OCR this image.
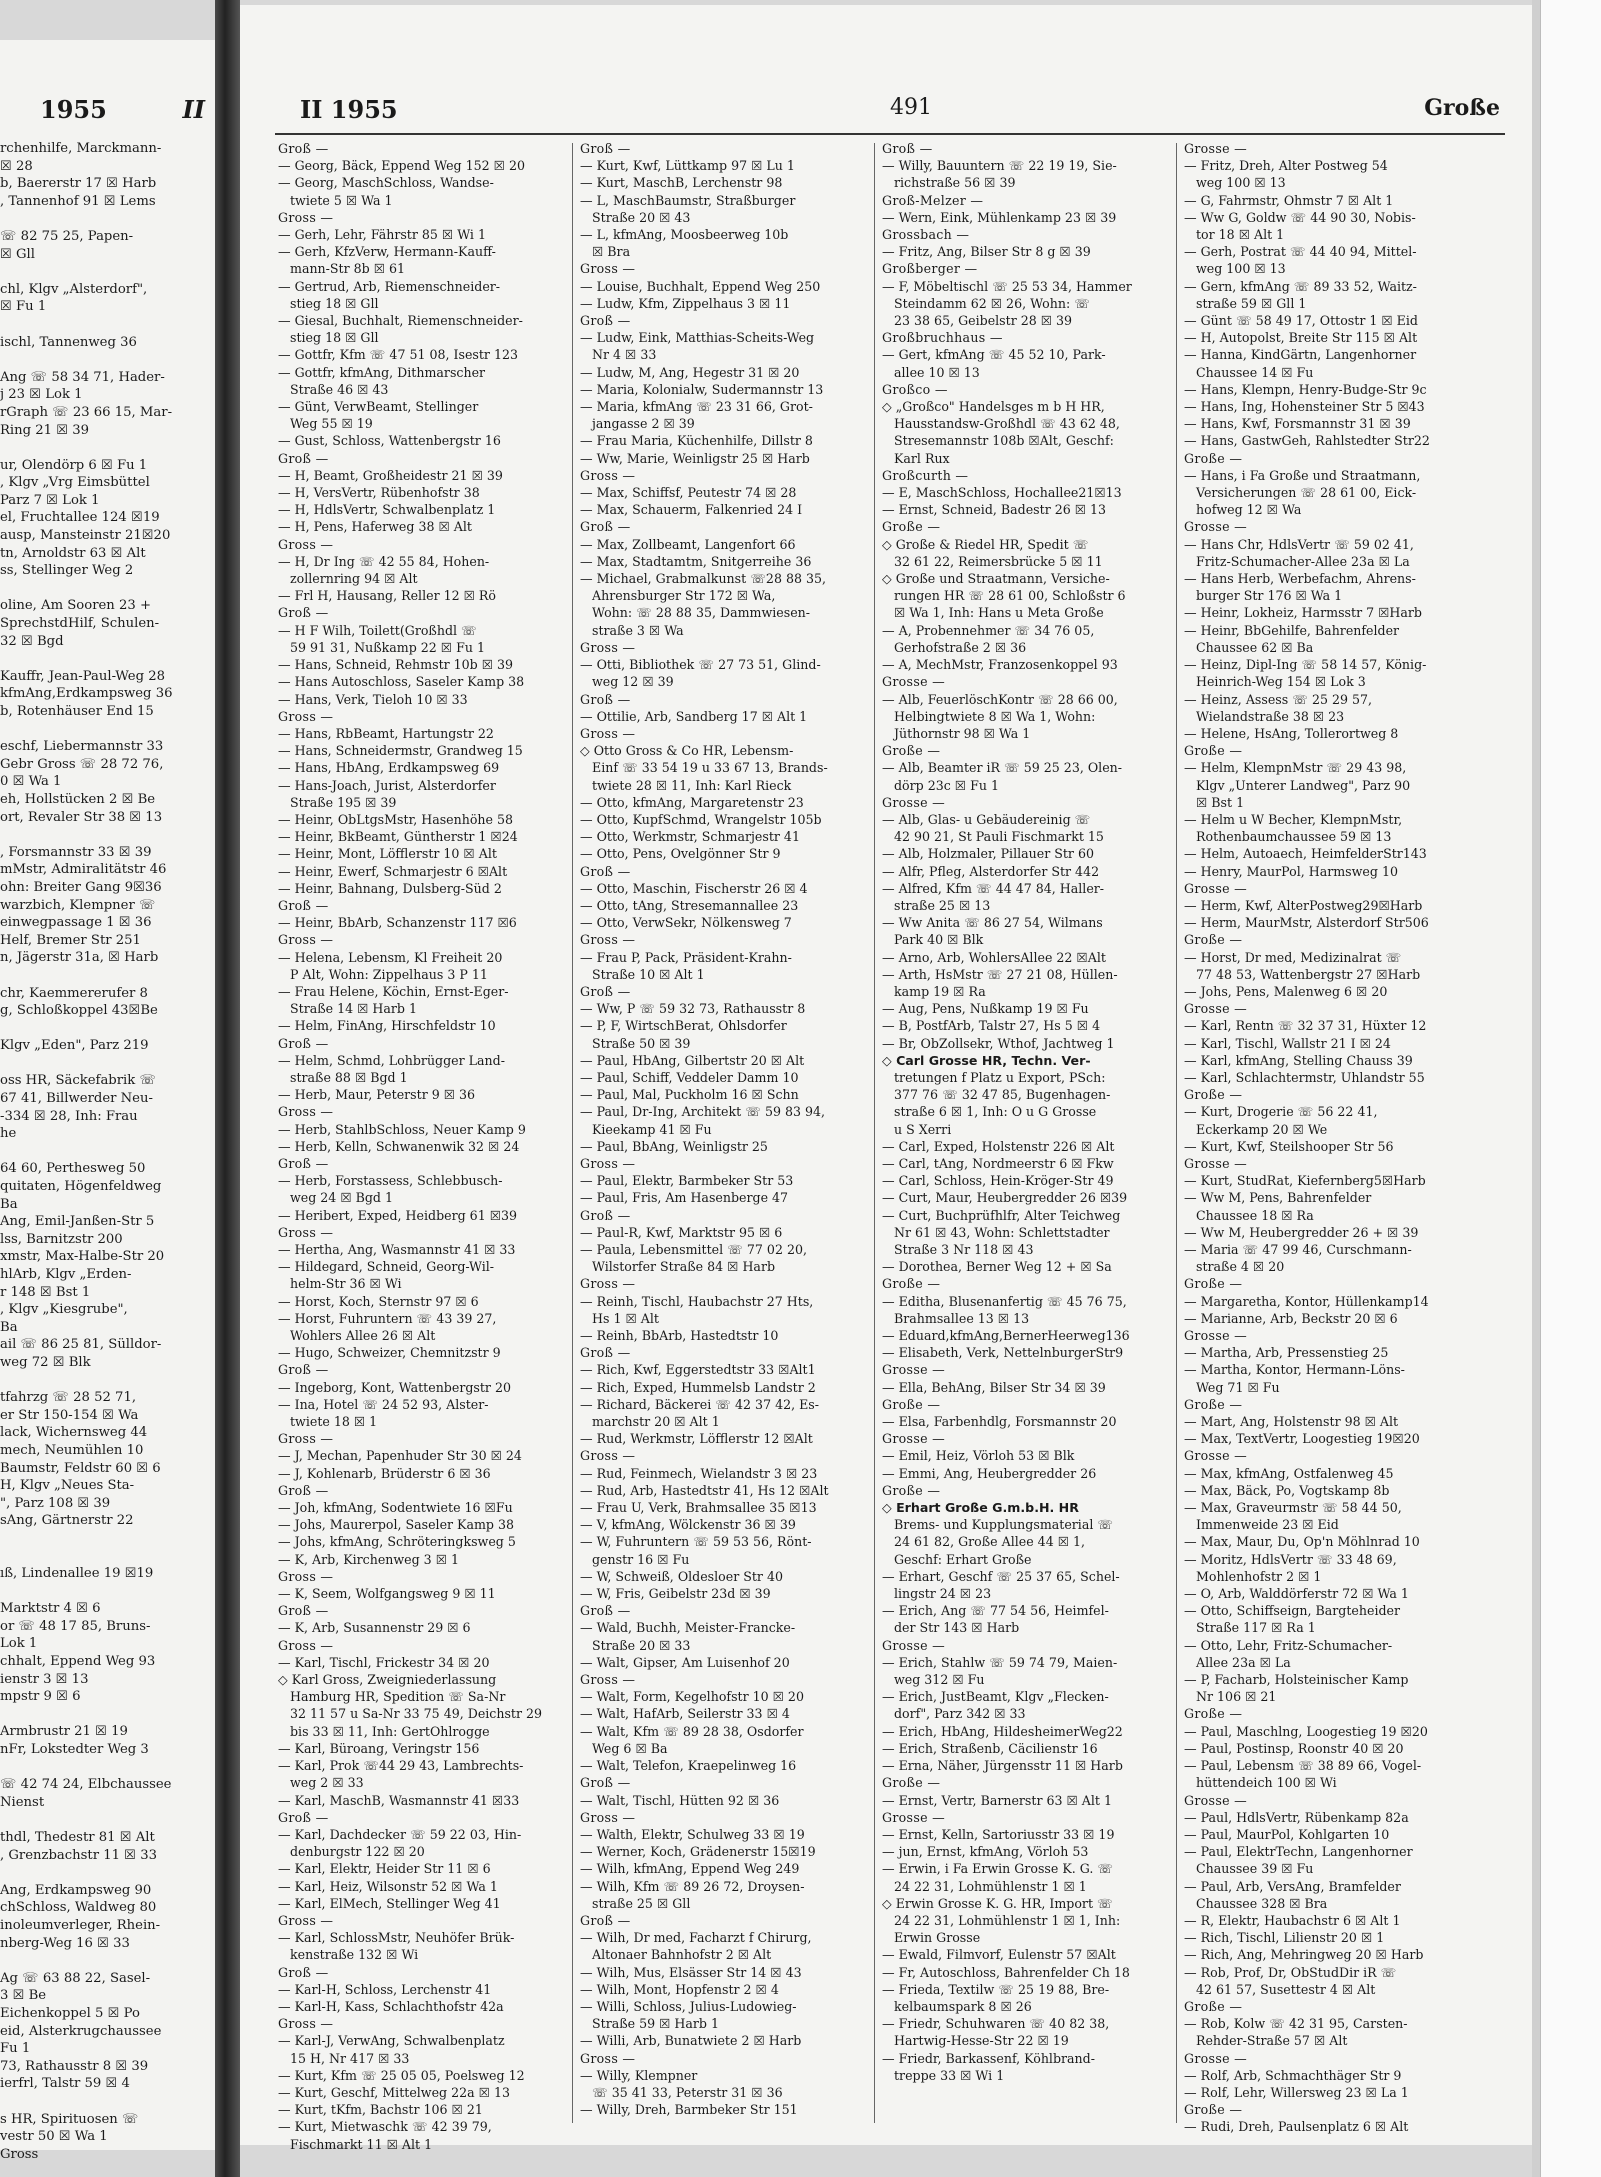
1955	II
rchenhilfe, Marckmann-
☒ 28
b, Baererstr 17 ☒ Harb
, Tannenhof 91 ☒ Lems

☏ 82 75 25, Papen-
☒ Gll

chl, Klgv „Alsterdorf",
☒ Fu 1

ischl, Tannenweg 36

Ang ☏ 58 34 71, Hader-
j 23 ☒ Lok 1
rGraph ☏ 23 66 15, Mar-
Ring 21 ☒ 39

ur, Olendörp 6 ☒ Fu 1
, Klgv „Vrg Eimsbüttel
Parz 7 ☒ Lok 1
el, Fruchtallee 124 ☒19
ausp, Mansteinstr 21☒20
tn, Arnoldstr 63 ☒ Alt
ss, Stellinger Weg 2

oline, Am Sooren 23 +
SprechstdHilf, Schulen-
32 ☒ Bgd

Kauffr, Jean-Paul-Weg 28
kfmAng,Erdkampsweg 36
b, Rotenhäuser End 15

eschf, Liebermannstr 33
Gebr Gross ☏ 28 72 76,
0 ☒ Wa 1
eh, Hollstücken 2 ☒ Be
ort, Revaler Str 38 ☒ 13

, Forsmannstr 33 ☒ 39
mMstr, Admiralitätstr 46
ohn: Breiter Gang 9☒36
warzbich, Klempner ☏
einwegpassage 1 ☒ 36
Helf, Bremer Str 251
n, Jägerstr 31a, ☒ Harb

chr, Kaemmererufer 8
g, Schloßkoppel 43☒Be

Klgv „Eden", Parz 219

oss HR, Säckefabrik ☏
67 41, Billwerder Neu-
-334 ☒ 28, Inh: Frau
he

64 60, Perthesweg 50
quitaten, Högenfeldweg
Ba
Ang, Emil-Janßen-Str 5
lss, Barnitzstr 200
xmstr, Max-Halbe-Str 20
hlArb, Klgv „Erden-
r 148 ☒ Bst 1
, Klgv „Kiesgrube",
Ba
ail ☏ 86 25 81, Sülldor-
weg 72 ☒ Blk

tfahrzg ☏ 28 52 71,
er Str 150-154 ☒ Wa
lack, Wichernsweg 44
mech, Neumühlen 10
Baumstr, Feldstr 60 ☒ 6
H, Klgv „Neues Sta-
", Parz 108 ☒ 39
sAng, Gärtnerstr 22

ıß, Lindenallee 19 ☒19

Marktstr 4 ☒ 6
or ☏ 48 17 85, Bruns-
Lok 1
chhalt, Eppend Weg 93
ienstr 3 ☒ 13
mpstr 9 ☒ 6

Armbrustr 21 ☒ 19
nFr, Lokstedter Weg 3

☏ 42 74 24, Elbchaussee
Nienst

thdl, Thedestr 81 ☒ Alt
, Grenzbachstr 11 ☒ 33

Ang, Erdkampsweg 90
chSchloss, Waldweg 80
inoleumverleger, Rhein-
nberg-Weg 16 ☒ 33

Ag ☏ 63 88 22, Sasel-
3 ☒ Be
Eichenkoppel 5 ☒ Po
eid, Alsterkrugchaussee
Fu 1
73, Rathausstr 8 ☒ 39
ierfrl, Talstr 59 ☒ 4

s HR, Spirituosen ☏
vestr 50 ☒ Wa 1
Gross
II 1955	491	Große
Groß —
— Georg, Bäck, Eppend Weg 152 ☒ 20
— Georg, MaschSchloss, Wandse-
twiete 5 ☒ Wa 1
Gross —
— Gerh, Lehr, Fährstr 85 ☒ Wi 1
— Gerh, KfzVerw, Hermann-Kauff-
mann-Str 8b ☒ 61
— Gertrud, Arb, Riemenschneider-
stieg 18 ☒ Gll
— Giesal, Buchhalt, Riemenschneider-
stieg 18 ☒ Gll
— Gottfr, Kfm ☏ 47 51 08, Isestr 123
— Gottfr, kfmAng, Dithmarscher
Straße 46 ☒ 43
— Günt, VerwBeamt, Stellinger
Weg 55 ☒ 19
— Gust, Schloss, Wattenbergstr 16
Groß —
— H, Beamt, Großheidestr 21 ☒ 39
— H, VersVertr, Rübenhofstr 38
— H, HdlsVertr, Schwalbenplatz 1
— H, Pens, Haferweg 38 ☒ Alt
Gross —
— H, Dr Ing ☏ 42 55 84, Hohen-
zollernring 94 ☒ Alt
— Frl H, Hausang, Reller 12 ☒ Rö
Groß —
— H F Wilh, Toilett(Großhdl ☏
59 91 31, Nußkamp 22 ☒ Fu 1
— Hans, Schneid, Rehmstr 10b ☒ 39
— Hans Autoschloss, Saseler Kamp 38
— Hans, Verk, Tieloh 10 ☒ 33
Gross —
— Hans, RbBeamt, Hartungstr 22
— Hans, Schneidermstr, Grandweg 15
— Hans, HbAng, Erdkampsweg 69
— Hans-Joach, Jurist, Alsterdorfer
Straße 195 ☒ 39
— Heinr, ObLtgsMstr, Hasenhöhe 58
— Heinr, BkBeamt, Güntherstr 1 ☒24
— Heinr, Mont, Löfflerstr 10 ☒ Alt
— Heinr, Ewerf, Schmarjestr 6 ☒Alt
— Heinr, Bahnang, Dulsberg-Süd 2
Groß —
— Heinr, BbArb, Schanzenstr 117 ☒6
Gross —
— Helena, Lebensm, Kl Freiheit 20
P Alt, Wohn: Zippelhaus 3 P 11
— Frau Helene, Köchin, Ernst-Eger-
Straße 14 ☒ Harb 1
— Helm, FinAng, Hirschfeldstr 10
Groß —
— Helm, Schmd, Lohbrügger Land-
straße 88 ☒ Bgd 1
— Herb, Maur, Peterstr 9 ☒ 36
Gross —
— Herb, StahlbSchloss, Neuer Kamp 9
— Herb, Kelln, Schwanenwik 32 ☒ 24
Groß —
— Herb, Forstassess, Schlebbusch-
weg 24 ☒ Bgd 1
— Heribert, Exped, Heidberg 61 ☒39
Gross —
— Hertha, Ang, Wasmannstr 41 ☒ 33
— Hildegard, Schneid, Georg-Wil-
helm-Str 36 ☒ Wi
— Horst, Koch, Sternstr 97 ☒ 6
— Horst, Fuhruntern ☏ 43 39 27,
Wohlers Allee 26 ☒ Alt
— Hugo, Schweizer, Chemnitzstr 9
Groß —
— Ingeborg, Kont, Wattenbergstr 20
— Ina, Hotel ☏ 24 52 93, Alster-
twiete 18 ☒ 1
Gross —
— J, Mechan, Papenhuder Str 30 ☒ 24
— J, Kohlenarb, Brüderstr 6 ☒ 36
Groß —
— Joh, kfmAng, Sodentwiete 16 ☒Fu
— Johs, Maurerpol, Saseler Kamp 38
— Johs, kfmAng, Schröteringksweg 5
— K, Arb, Kirchenweg 3 ☒ 1
Gross —
— K, Seem, Wolfgangsweg 9 ☒ 11
Groß —
— K, Arb, Susannenstr 29 ☒ 6
Gross —
— Karl, Tischl, Frickestr 34 ☒ 20
◇ Karl Gross, Zweigniederlassung
Hamburg HR, Spedition ☏ Sa-Nr
32 11 57 u Sa-Nr 33 75 49, Deichstr 29
bis 33 ☒ 11, Inh: GertOhlrogge
— Karl, Büroang, Veringstr 156
— Karl, Prok ☏44 29 43, Lambrechts-
weg 2 ☒ 33
— Karl, MaschB, Wasmannstr 41 ☒33
Groß —
— Karl, Dachdecker ☏ 59 22 03, Hin-
denburgstr 122 ☒ 20
— Karl, Elektr, Heider Str 11 ☒ 6
— Karl, Heiz, Wilsonstr 52 ☒ Wa 1
— Karl, ElMech, Stellinger Weg 41
Gross —
— Karl, SchlossMstr, Neuhöfer Brük-
kenstraße 132 ☒ Wi
Groß —
— Karl-H, Schloss, Lerchenstr 41
— Karl-H, Kass, Schlachthofstr 42a
Gross —
— Karl-J, VerwAng, Schwalbenplatz
15 H, Nr 417 ☒ 33
— Kurt, Kfm ☏ 25 05 05, Poelsweg 12
— Kurt, Geschf, Mittelweg 22a ☒ 13
— Kurt, tKfm, Bachstr 106 ☒ 21
— Kurt, Mietwaschk ☏ 42 39 79,
Fischmarkt 11 ☒ Alt 1
Groß —
— Kurt, Kwf, Lüttkamp 97 ☒ Lu 1
— Kurt, MaschB, Lerchenstr 98
— L, MaschBaumstr, Straßburger
Straße 20 ☒ 43
— L, kfmAng, Moosbeerweg 10b
☒ Bra
Gross —
— Louise, Buchhalt, Eppend Weg 250
— Ludw, Kfm, Zippelhaus 3 ☒ 11
Groß —
— Ludw, Eink, Matthias-Scheits-Weg
Nr 4 ☒ 33
— Ludw, M, Ang, Hegestr 31 ☒ 20
— Maria, Kolonialw, Sudermannstr 13
— Maria, kfmAng ☏ 23 31 66, Grot-
jangasse 2 ☒ 39
— Frau Maria, Küchenhilfe, Dillstr 8
— Ww, Marie, Weinligstr 25 ☒ Harb
Gross —
— Max, Schiffsf, Peutestr 74 ☒ 28
— Max, Schauerm, Falkenried 24 I
Groß —
— Max, Zollbeamt, Langenfort 66
— Max, Stadtamtm, Snitgerreihe 36
— Michael, Grabmalkunst ☏28 88 35,
Ahrensburger Str 172 ☒ Wa,
Wohn: ☏ 28 88 35, Dammwiesen-
straße 3 ☒ Wa
Gross —
— Otti, Bibliothek ☏ 27 73 51, Glind-
weg 12 ☒ 39
Groß —
— Ottilie, Arb, Sandberg 17 ☒ Alt 1
Gross —
◇ Otto Gross & Co HR, Lebensm-
Einf ☏ 33 54 19 u 33 67 13, Brands-
twiete 28 ☒ 11, Inh: Karl Rieck
— Otto, kfmAng, Margaretenstr 23
— Otto, KupfSchmd, Wrangelstr 105b
— Otto, Werkmstr, Schmarjestr 41
— Otto, Pens, Ovelgönner Str 9
Groß —
— Otto, Maschin, Fischerstr 26 ☒ 4
— Otto, tAng, Stresemannallee 23
— Otto, VerwSekr, Nölkensweg 7
Gross —
— Frau P, Pack, Präsident-Krahn-
Straße 10 ☒ Alt 1
Groß —
— Ww, P ☏ 59 32 73, Rathausstr 8
— P, F, WirtschBerat, Ohlsdorfer
Straße 50 ☒ 39
— Paul, HbAng, Gilbertstr 20 ☒ Alt
— Paul, Schiff, Veddeler Damm 10
— Paul, Mal, Puckholm 16 ☒ Schn
— Paul, Dr-Ing, Architekt ☏ 59 83 94,
Kieekamp 41 ☒ Fu
— Paul, BbAng, Weinligstr 25
Gross —
— Paul, Elektr, Barmbeker Str 53
— Paul, Fris, Am Hasenberge 47
Groß —
— Paul-R, Kwf, Marktstr 95 ☒ 6
— Paula, Lebensmittel ☏ 77 02 20,
Wilstorfer Straße 84 ☒ Harb
Gross —
— Reinh, Tischl, Haubachstr 27 Hts,
Hs 1 ☒ Alt
— Reinh, BbArb, Hastedtstr 10
Groß —
— Rich, Kwf, Eggerstedtstr 33 ☒Alt1
— Rich, Exped, Hummelsb Landstr 2
— Richard, Bäckerei ☏ 42 37 42, Es-
marchstr 20 ☒ Alt 1
— Rud, Werkmstr, Löfflerstr 12 ☒Alt
Gross —
— Rud, Feinmech, Wielandstr 3 ☒ 23
— Rud, Arb, Hastedtstr 41, Hs 12 ☒Alt
— Frau U, Verk, Brahmsallee 35 ☒13
— V, kfmAng, Wölckenstr 36 ☒ 39
— W, Fuhruntern ☏ 59 53 56, Rönt-
genstr 16 ☒ Fu
— W, Schweiß, Oldesloer Str 40
— W, Fris, Geibelstr 23d ☒ 39
Groß —
— Wald, Buchh, Meister-Francke-
Straße 20 ☒ 33
— Walt, Gipser, Am Luisenhof 20
Gross —
— Walt, Form, Kegelhofstr 10 ☒ 20
— Walt, HafArb, Seilerstr 33 ☒ 4
— Walt, Kfm ☏ 89 28 38, Osdorfer
Weg 6 ☒ Ba
— Walt, Telefon, Kraepelinweg 16
Groß —
— Walt, Tischl, Hütten 92 ☒ 36
Gross —
— Walth, Elektr, Schulweg 33 ☒ 19
— Werner, Koch, Grädenerstr 15☒19
— Wilh, kfmAng, Eppend Weg 249
— Wilh, Kfm ☏ 89 26 72, Droysen-
straße 25 ☒ Gll
Groß —
— Wilh, Dr med, Facharzt f Chirurg,
Altonaer Bahnhofstr 2 ☒ Alt
— Wilh, Mus, Elsässer Str 14 ☒ 43
— Wilh, Mont, Hopfenstr 2 ☒ 4
— Willi, Schloss, Julius-Ludowieg-
Straße 59 ☒ Harb 1
— Willi, Arb, Bunatwiete 2 ☒ Harb
Gross —
— Willy, Klempner
☏ 35 41 33, Peterstr 31 ☒ 36
— Willy, Dreh, Barmbeker Str 151
Groß —
— Willy, Bauuntern ☏ 22 19 19, Sie-
richstraße 56 ☒ 39
Groß-Melzer —
— Wern, Eink, Mühlenkamp 23 ☒ 39
Grossbach —
— Fritz, Ang, Bilser Str 8 g ☒ 39
Großberger —
— F, Möbeltischl ☏ 25 53 34, Hammer
Steindamm 62 ☒ 26, Wohn: ☏
23 38 65, Geibelstr 28 ☒ 39
Großbruchhaus —
— Gert, kfmAng ☏ 45 52 10, Park-
allee 10 ☒ 13
Großco —
◇ „Großco" Handelsges m b H HR,
Hausstandsw-Großhdl ☏ 43 62 48,
Stresemannstr 108b ☒Alt, Geschf:
Karl Rux
Großcurth —
— E, MaschSchloss, Hochallee21☒13
— Ernst, Schneid, Badestr 26 ☒ 13
Große —
◇ Große & Riedel HR, Spedit ☏
32 61 22, Reimersbrücke 5 ☒ 11
◇ Große und Straatmann, Versiche-
rungen HR ☏ 28 61 00, Schloßstr 6
☒ Wa 1, Inh: Hans u Meta Große
— A, Probennehmer ☏ 34 76 05,
Gerhofstraße 2 ☒ 36
— A, MechMstr, Franzosenkoppel 93
Grosse —
— Alb, FeuerlöschKontr ☏ 28 66 00,
Helbingtwiete 8 ☒ Wa 1, Wohn:
Jüthornstr 98 ☒ Wa 1
Große —
— Alb, Beamter iR ☏ 59 25 23, Olen-
dörp 23c ☒ Fu 1
Grosse —
— Alb, Glas- u Gebäudereinig ☏
42 90 21, St Pauli Fischmarkt 15
— Alb, Holzmaler, Pillauer Str 60
— Alfr, Pfleg, Alsterdorfer Str 442
— Alfred, Kfm ☏ 44 47 84, Haller-
straße 25 ☒ 13
— Ww Anita ☏ 86 27 54, Wilmans
Park 40 ☒ Blk
— Arno, Arb, WohlersAllee 22 ☒Alt
— Arth, HsMstr ☏ 27 21 08, Hüllen-
kamp 19 ☒ Ra
— Aug, Pens, Nußkamp 19 ☒ Fu
— B, PostfArb, Talstr 27, Hs 5 ☒ 4
— Br, ObZollsekr, Wthof, Jachtweg 1
◇ Carl Grosse HR, Techn. Ver-
tretungen f Platz u Export, PSch:
377 76 ☏ 32 47 85, Bugenhagen-
straße 6 ☒ 1, Inh: O u G Grosse
u S Xerri
— Carl, Exped, Holstenstr 226 ☒ Alt
— Carl, tAng, Nordmeerstr 6 ☒ Fkw
— Carl, Schloss, Hein-Kröger-Str 49
— Curt, Maur, Heubergredder 26 ☒39
— Curt, Buchprüfhlfr, Alter Teichweg
Nr 61 ☒ 43, Wohn: Schlettstadter
Straße 3 Nr 118 ☒ 43
— Dorothea, Berner Weg 12 + ☒ Sa
Große —
— Editha, Blusenanfertig ☏ 45 76 75,
Brahmsallee 13 ☒ 13
— Eduard,kfmAng,BernerHeerweg136
— Elisabeth, Verk, NettelnburgerStr9
Grosse —
— Ella, BehAng, Bilser Str 34 ☒ 39
Große —
— Elsa, Farbenhdlg, Forsmannstr 20
Grosse —
— Emil, Heiz, Vörloh 53 ☒ Blk
— Emmi, Ang, Heubergredder 26
Große —
◇ Erhart Große G.m.b.H. HR
Brems- und Kupplungsmaterial ☏
24 61 82, Große Allee 44 ☒ 1,
Geschf: Erhart Große
— Erhart, Geschf ☏ 25 37 65, Schel-
lingstr 24 ☒ 23
— Erich, Ang ☏ 77 54 56, Heimfel-
der Str 143 ☒ Harb
Grosse —
— Erich, Stahlw ☏ 59 74 79, Maien-
weg 312 ☒ Fu
— Erich, JustBeamt, Klgv „Flecken-
dorf", Parz 342 ☒ 33
— Erich, HbAng, HildesheimerWeg22
— Erich, Straßenb, Cäcilienstr 16
— Erna, Näher, Jürgensstr 11 ☒ Harb
Große —
— Ernst, Vertr, Barnerstr 63 ☒ Alt 1
Grosse —
— Ernst, Kelln, Sartoriusstr 33 ☒ 19
— jun, Ernst, kfmAng, Vörloh 53
— Erwin, i Fa Erwin Grosse K. G. ☏
24 22 31, Lohmühlenstr 1 ☒ 1
◇ Erwin Grosse K. G. HR, Import ☏
24 22 31, Lohmühlenstr 1 ☒ 1, Inh:
Erwin Grosse
— Ewald, Filmvorf, Eulenstr 57 ☒Alt
— Fr, Autoschloss, Bahrenfelder Ch 18
— Frieda, Textilw ☏ 25 19 88, Bre-
kelbaumspark 8 ☒ 26
— Friedr, Schuhwaren ☏ 40 82 38,
Hartwig-Hesse-Str 22 ☒ 19
— Friedr, Barkassenf, Köhlbrand-
treppe 33 ☒ Wi 1
Grosse —
— Fritz, Dreh, Alter Postweg 54
weg 100 ☒ 13
— G, Fahrmstr, Ohmstr 7 ☒ Alt 1
— Ww G, Goldw ☏ 44 90 30, Nobis-
tor 18 ☒ Alt 1
— Gerh, Postrat ☏ 44 40 94, Mittel-
weg 100 ☒ 13
— Gern, kfmAng ☏ 89 33 52, Waitz-
straße 59 ☒ Gll 1
— Günt ☏ 58 49 17, Ottostr 1 ☒ Eid
— H, Autopolst, Breite Str 115 ☒ Alt
— Hanna, KindGärtn, Langenhorner
Chaussee 14 ☒ Fu
— Hans, Klempn, Henry-Budge-Str 9c
— Hans, Ing, Hohensteiner Str 5 ☒43
— Hans, Kwf, Forsmannstr 31 ☒ 39
— Hans, GastwGeh, Rahlstedter Str22
Große —
— Hans, i Fa Große und Straatmann,
Versicherungen ☏ 28 61 00, Eick-
hofweg 12 ☒ Wa
Grosse —
— Hans Chr, HdlsVertr ☏ 59 02 41,
Fritz-Schumacher-Allee 23a ☒ La
— Hans Herb, Werbefachm, Ahrens-
burger Str 176 ☒ Wa 1
— Heinr, Lokheiz, Harmsstr 7 ☒Harb
— Heinr, BbGehilfe, Bahrenfelder
Chaussee 62 ☒ Ba
— Heinz, Dipl-Ing ☏ 58 14 57, König-
Heinrich-Weg 154 ☒ Lok 3
— Heinz, Assess ☏ 25 29 57,
Wielandstraße 38 ☒ 23
— Helene, HsAng, Tollerortweg 8
Große —
— Helm, KlempnMstr ☏ 29 43 98,
Klgv „Unterer Landweg", Parz 90
☒ Bst 1
— Helm u W Becher, KlempnMstr,
Rothenbaumchaussee 59 ☒ 13
— Helm, Autoaech, HeimfelderStr143
— Henry, MaurPol, Harmsweg 10
Grosse —
— Herm, Kwf, AlterPostweg29☒Harb
— Herm, MaurMstr, Alsterdorf Str506
Große —
— Horst, Dr med, Medizinalrat ☏
77 48 53, Wattenbergstr 27 ☒Harb
— Johs, Pens, Malenweg 6 ☒ 20
Grosse —
— Karl, Rentn ☏ 32 37 31, Hüxter 12
— Karl, Tischl, Wallstr 21 I ☒ 24
— Karl, kfmAng, Stelling Chauss 39
— Karl, Schlachtermstr, Uhlandstr 55
Große —
— Kurt, Drogerie ☏ 56 22 41,
Eckerkamp 20 ☒ We
— Kurt, Kwf, Steilshooper Str 56
Grosse —
— Kurt, StudRat, Kiefernberg5☒Harb
— Ww M, Pens, Bahrenfelder
Chaussee 18 ☒ Ra
— Ww M, Heubergredder 26 + ☒ 39
— Maria ☏ 47 99 46, Curschmann-
straße 4 ☒ 20
Große —
— Margaretha, Kontor, Hüllenkamp14
— Marianne, Arb, Beckstr 20 ☒ 6
Grosse —
— Martha, Arb, Pressenstieg 25
— Martha, Kontor, Hermann-Löns-
Weg 71 ☒ Fu
Große —
— Mart, Ang, Holstenstr 98 ☒ Alt
— Max, TextVertr, Loogestieg 19☒20
Grosse —
— Max, kfmAng, Ostfalenweg 45
— Max, Bäck, Po, Vogtskamp 8b
— Max, Graveurmstr ☏ 58 44 50,
Immenweide 23 ☒ Eid
— Max, Maur, Du, Op'n Möhlnrad 10
— Moritz, HdlsVertr ☏ 33 48 69,
Mohlenhofstr 2 ☒ 1
— O, Arb, Walddörferstr 72 ☒ Wa 1
— Otto, Schiffseign, Bargteheider
Straße 117 ☒ Ra 1
— Otto, Lehr, Fritz-Schumacher-
Allee 23a ☒ La
— P, Facharb, Holsteinischer Kamp
Nr 106 ☒ 21
Große —
— Paul, Maschlng, Loogestieg 19 ☒20
— Paul, Postinsp, Roonstr 40 ☒ 20
— Paul, Lebensm ☏ 38 89 66, Vogel-
hüttendeich 100 ☒ Wi
Grosse —
— Paul, HdlsVertr, Rübenkamp 82a
— Paul, MaurPol, Kohlgarten 10
— Paul, ElektrTechn, Langenhorner
Chaussee 39 ☒ Fu
— Paul, Arb, VersAng, Bramfelder
Chaussee 328 ☒ Bra
— R, Elektr, Haubachstr 6 ☒ Alt 1
— Rich, Tischl, Lilienstr 20 ☒ 1
— Rich, Ang, Mehringweg 20 ☒ Harb
— Rob, Prof, Dr, ObStudDir iR ☏
42 61 57, Susettestr 4 ☒ Alt
Große —
— Rob, Kolw ☏ 42 31 95, Carsten-
Rehder-Straße 57 ☒ Alt
Grosse —
— Rolf, Arb, Schmachthäger Str 9
— Rolf, Lehr, Willersweg 23 ☒ La 1
Große —
— Rudi, Dreh, Paulsenplatz 6 ☒ Alt
